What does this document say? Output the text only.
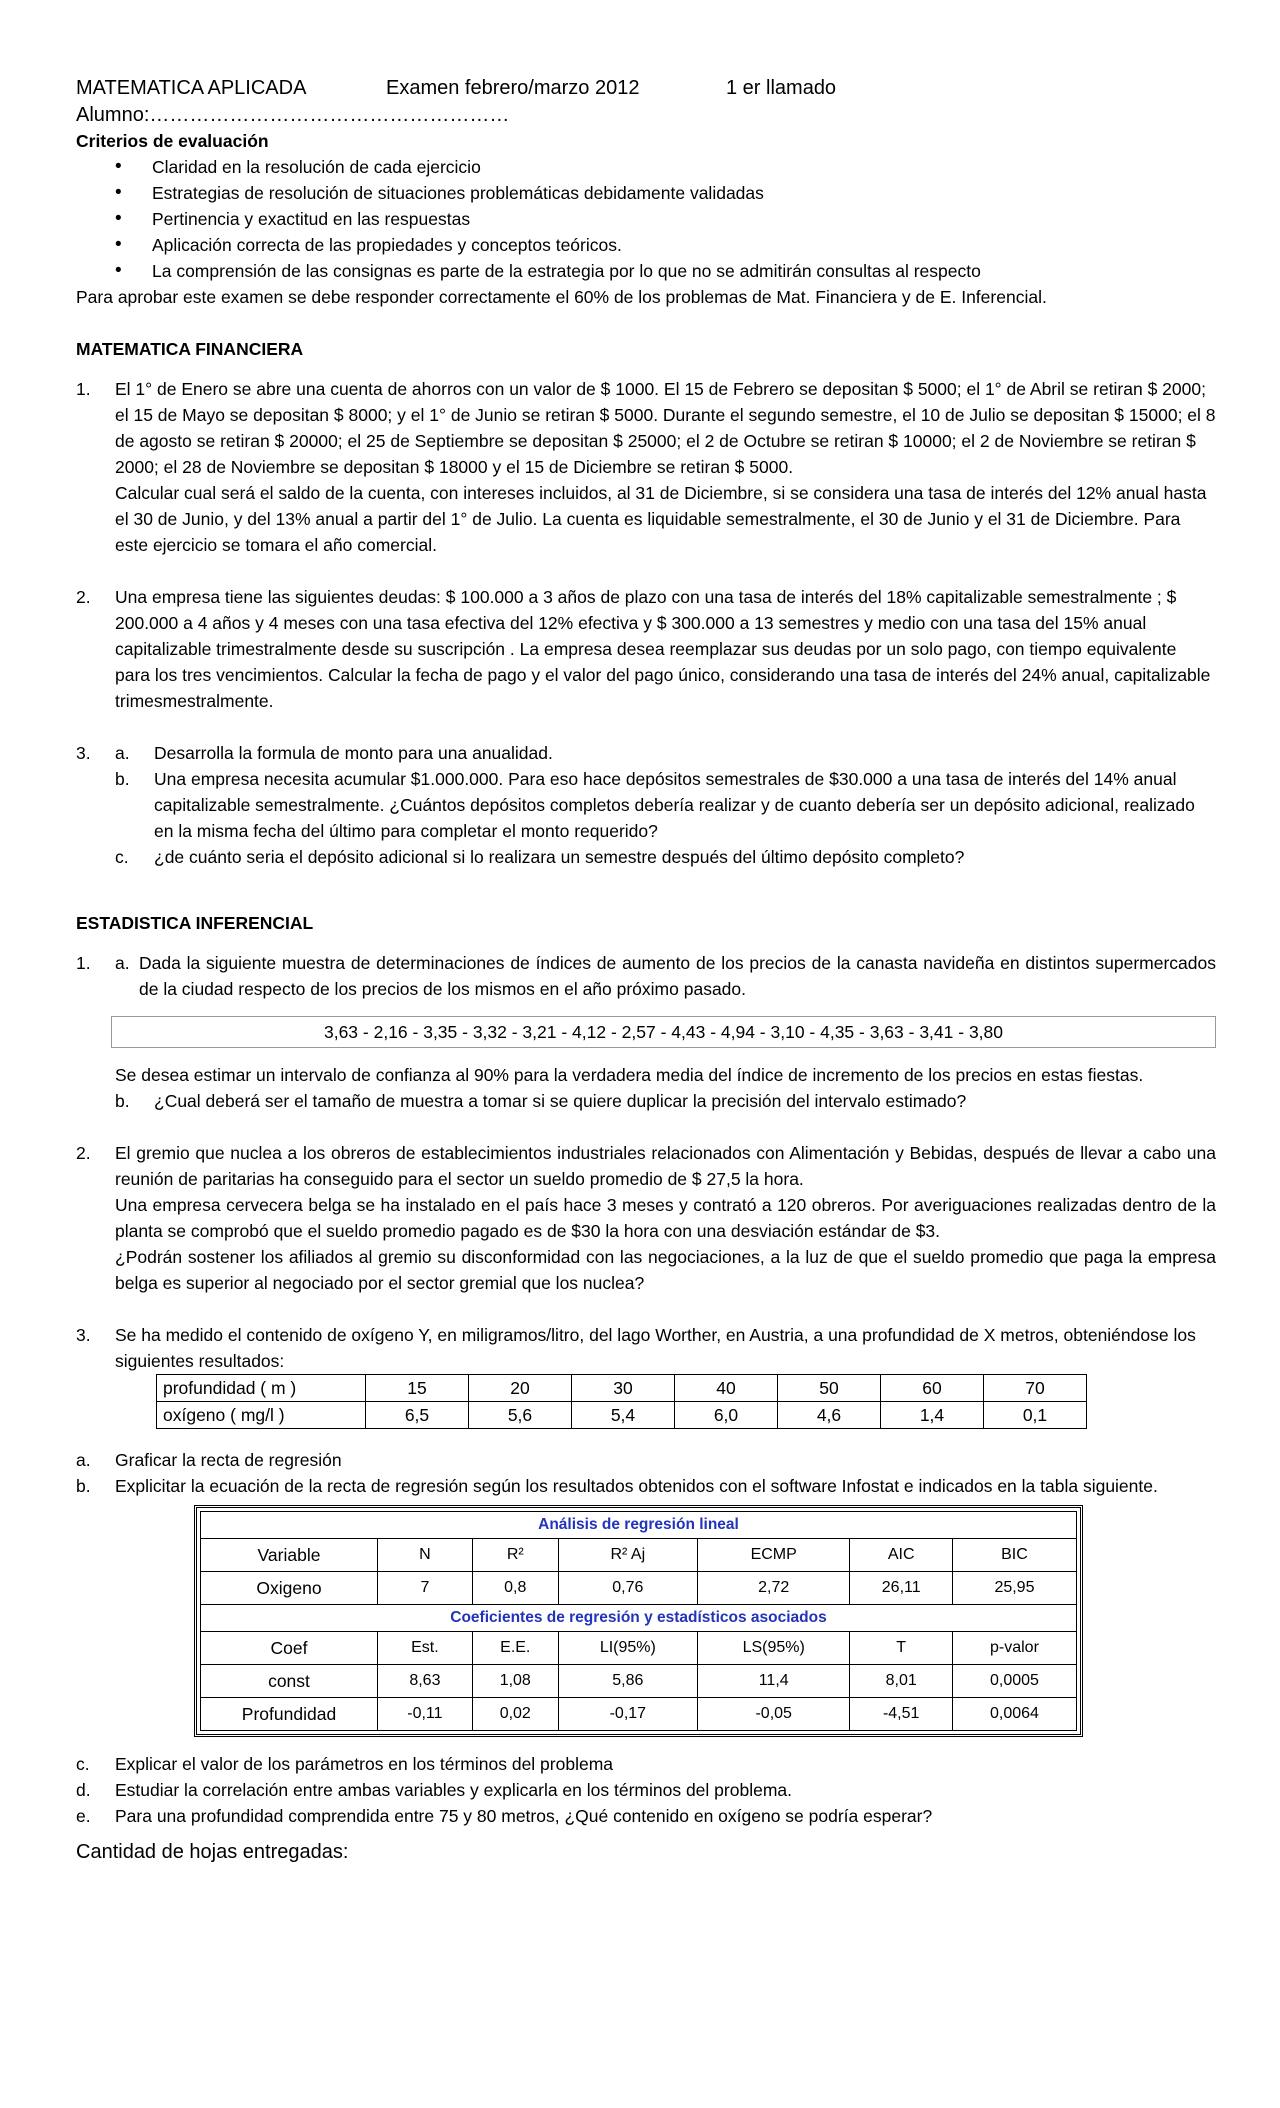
MATEMATICA APLICADA	Examen febrero/marzo 2012	1 er llamado
Alumno:………………………………………………
Criterios de evaluación
• Claridad en la resolución de cada ejercicio
• Estrategias de resolución de situaciones problemáticas debidamente validadas
• Pertinencia y exactitud en las respuestas
• Aplicación correcta de las propiedades y conceptos teóricos.
• La comprensión de las consignas es parte de la estrategia por lo que no se admitirán consultas al respecto
Para aprobar este examen se debe responder correctamente el 60% de los problemas de Mat. Financiera y de E. Inferencial.
MATEMATICA FINANCIERA
1.	El 1° de Enero se abre una cuenta de ahorros con un valor de $ 1000. El 15 de Febrero se depositan $ 5000; el 1° de Abril se retiran $ 2000; el 15 de Mayo se depositan $ 8000; y el 1° de Junio se retiran $ 5000. Durante el segundo semestre, el 10 de Julio se depositan $ 15000; el 8 de agosto se retiran $ 20000; el 25 de Septiembre se depositan $ 25000; el 2 de Octubre se retiran $ 10000; el 2 de Noviembre se retiran $ 2000; el 28 de Noviembre se depositan $ 18000 y el 15 de Diciembre se retiran $ 5000.

Calcular cual será el saldo de la cuenta, con intereses incluidos, al 31 de Diciembre, si se considera una tasa de interés del 12% anual hasta el 30 de Junio, y del 13% anual a partir del 1° de Julio. La cuenta es liquidable semestralmente, el 30 de Junio y el 31 de Diciembre. Para este ejercicio se tomara el año comercial.

2.	Una empresa tiene las siguientes deudas: $ 100.000 a 3 años de plazo con una tasa de interés del 18% capitalizable semestralmente ; $ 200.000 a 4 años y 4 meses con una tasa efectiva del 12% efectiva y $ 300.000 a 13 semestres y medio con una tasa del 15% anual capitalizable trimestralmente desde su suscripción . La empresa desea reemplazar sus deudas por un solo pago, con tiempo equivalente para los tres vencimientos. Calcular la fecha de pago y el valor del pago único, considerando una tasa de interés del 24% anual, capitalizable trimesmestralmente.

3.	a.	Desarrolla la formula de monto para una anualidad.
b.	Una empresa necesita acumular $1.000.000. Para eso hace depósitos semestrales de $30.000 a una tasa de interés del 14% anual capitalizable semestralmente. ¿Cuántos depósitos completos debería realizar y de cuanto debería ser un depósito adicional, realizado en la misma fecha del último para completar el monto requerido?
c.	¿de cuánto seria el depósito adicional si lo realizara un semestre después del último depósito completo?
ESTADISTICA INFERENCIAL
1.	a. Dada la siguiente muestra de determinaciones de índices de aumento de los precios de la canasta navideña en distintos supermercados de la ciudad respecto de los precios de los mismos en el año próximo pasado.
3,63 - 2,16 - 3,35 - 3,32 - 3,21 - 4,12 - 2,57 - 4,43 - 4,94 - 3,10 - 4,35 - 3,63 - 3,41 - 3,80

Se desea estimar un intervalo de confianza al 90% para la verdadera media del índice de incremento de los precios en estas fiestas.

b.	¿Cual deberá ser el tamaño de muestra a tomar si se quiere duplicar la precisión del intervalo estimado?
2.	El gremio que nuclea a los obreros de establecimientos industriales relacionados con Alimentación y Bebidas, después de llevar a cabo una reunión de paritarias ha conseguido para el sector un sueldo promedio de $ 27,5 la hora.

Una empresa cervecera belga se ha instalado en el país hace 3 meses y contrató a 120 obreros. Por averiguaciones realizadas dentro de la planta se comprobó que el sueldo promedio pagado es de $30 la hora con una desviación estándar de $3.

¿Podrán sostener los afiliados al gremio su disconformidad con las negociaciones, a la luz de que el sueldo promedio que paga la empresa belga es superior al negociado por el sector gremial que los nuclea?

3.	Se ha medido el contenido de oxígeno Y, en miligramos/litro, del lago Worther, en Austria, a una profundidad de X metros, obteniéndose los siguientes resultados:

profundidad ( m )	15	20	30	40	50	60	70
oxígeno ( mg/l )	6,5	5,6	5,4	6,0	4,6	1,4	0,1
a.	Graficar la recta de regresión
b.	Explicitar la ecuación de la recta de regresión según los resultados obtenidos con el software Infostat e indicados en la tabla siguiente.
Análisis de regresión lineal						
Variable	N	R²	R² Aj	ECMP	AIC	BIC
Oxigeno	7	0,8	0,76	2,72	26,11	25,95
Coeficientes de regresión y estadísticos asociados						
Coef	Est.	E.E.	LI(95%)	LS(95%)	T	p-valor
const	8,63	1,08	5,86	11,4	8,01	0,0005
Profundidad	-0,11	0,02	-0,17	-0,05	-4,51	0,0064
c.	Explicar el valor de los parámetros en los términos del problema
d.	Estudiar la correlación entre ambas variables y explicarla en los términos del problema.
e.	Para una profundidad comprendida entre 75 y 80 metros, ¿Qué contenido en oxígeno se podría esperar?
Cantidad de hojas entregadas:
